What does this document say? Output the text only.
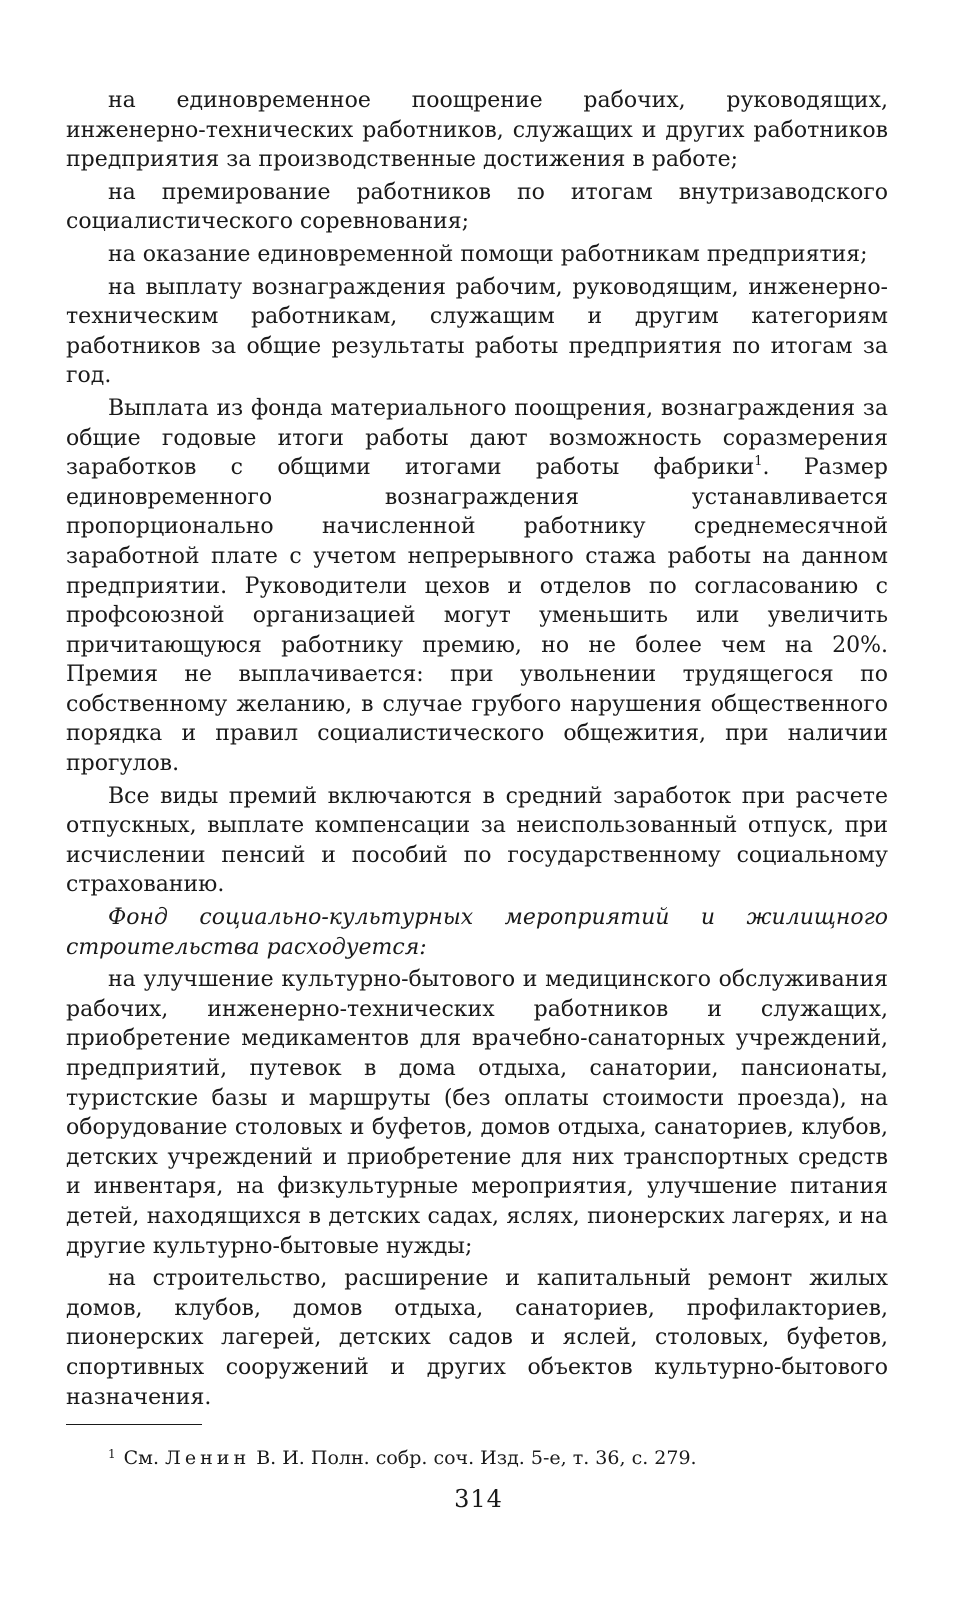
на единовременное поощрение рабочих, руководящих, инженерно-технических работников, служащих и других работников предприятия за производственные достижения в работе;

на премирование работников по итогам внутризаводского социалистического соревнования;

на оказание единовременной помощи работникам предприятия;

на выплату вознаграждения рабочим, руководящим, инженерно-техническим работникам, служащим и другим категориям работников за общие результаты работы предприятия по итогам за год.

Выплата из фонда материального поощрения, вознаграждения за общие годовые итоги работы дают возможность соразмерения заработков с общими итогами работы фабрики$^1$. Размер единовременного вознаграждения устанавливается пропорционально начисленной работнику среднемесячной заработной плате с учетом непрерывного стажа работы на данном предприятии. Руководители цехов и отделов по согласованию с профсоюзной организацией могут уменьшить или увеличить причитающуюся работнику премию, но не более чем на 20%. Премия не выплачивается: при увольнении трудящегося по собственному желанию, в случае грубого нарушения общественного порядка и правил социалистического общежития, при наличии прогулов.

Все виды премий включаются в средний заработок при расчете отпускных, выплате компенсации за неиспользованный отпуск, при исчислении пенсий и пособий по государственному социальному страхованию.

Фонд социально-культурных мероприятий и жилищного строительства расходуется:

на улучшение культурно-бытового и медицинского обслуживания рабочих, инженерно-технических работников и служащих, приобретение медикаментов для врачебно-санаторных учреждений, предприятий, путевок в дома отдыха, санатории, пансионаты, туристские базы и маршруты (без оплаты стоимости проезда), на оборудование столовых и буфетов, домов отдыха, санаториев, клубов, детских учреждений и приобретение для них транспортных средств и инвентаря, на физкультурные мероприятия, улучшение питания детей, находящихся в детских садах, яслях, пионерских лагерях, и на другие культурно-бытовые нужды;

на строительство, расширение и капитальный ремонт жилых домов, клубов, домов отдыха, санаториев, профилакториев, пионерских лагерей, детских садов и яслей, столовых, буфетов, спортивных сооружений и других объектов культурно-бытового назначения.

$^1$ См. Ленин В. И. Полн. собр. соч. Изд. 5-е, т. 36, с. 279.
314
